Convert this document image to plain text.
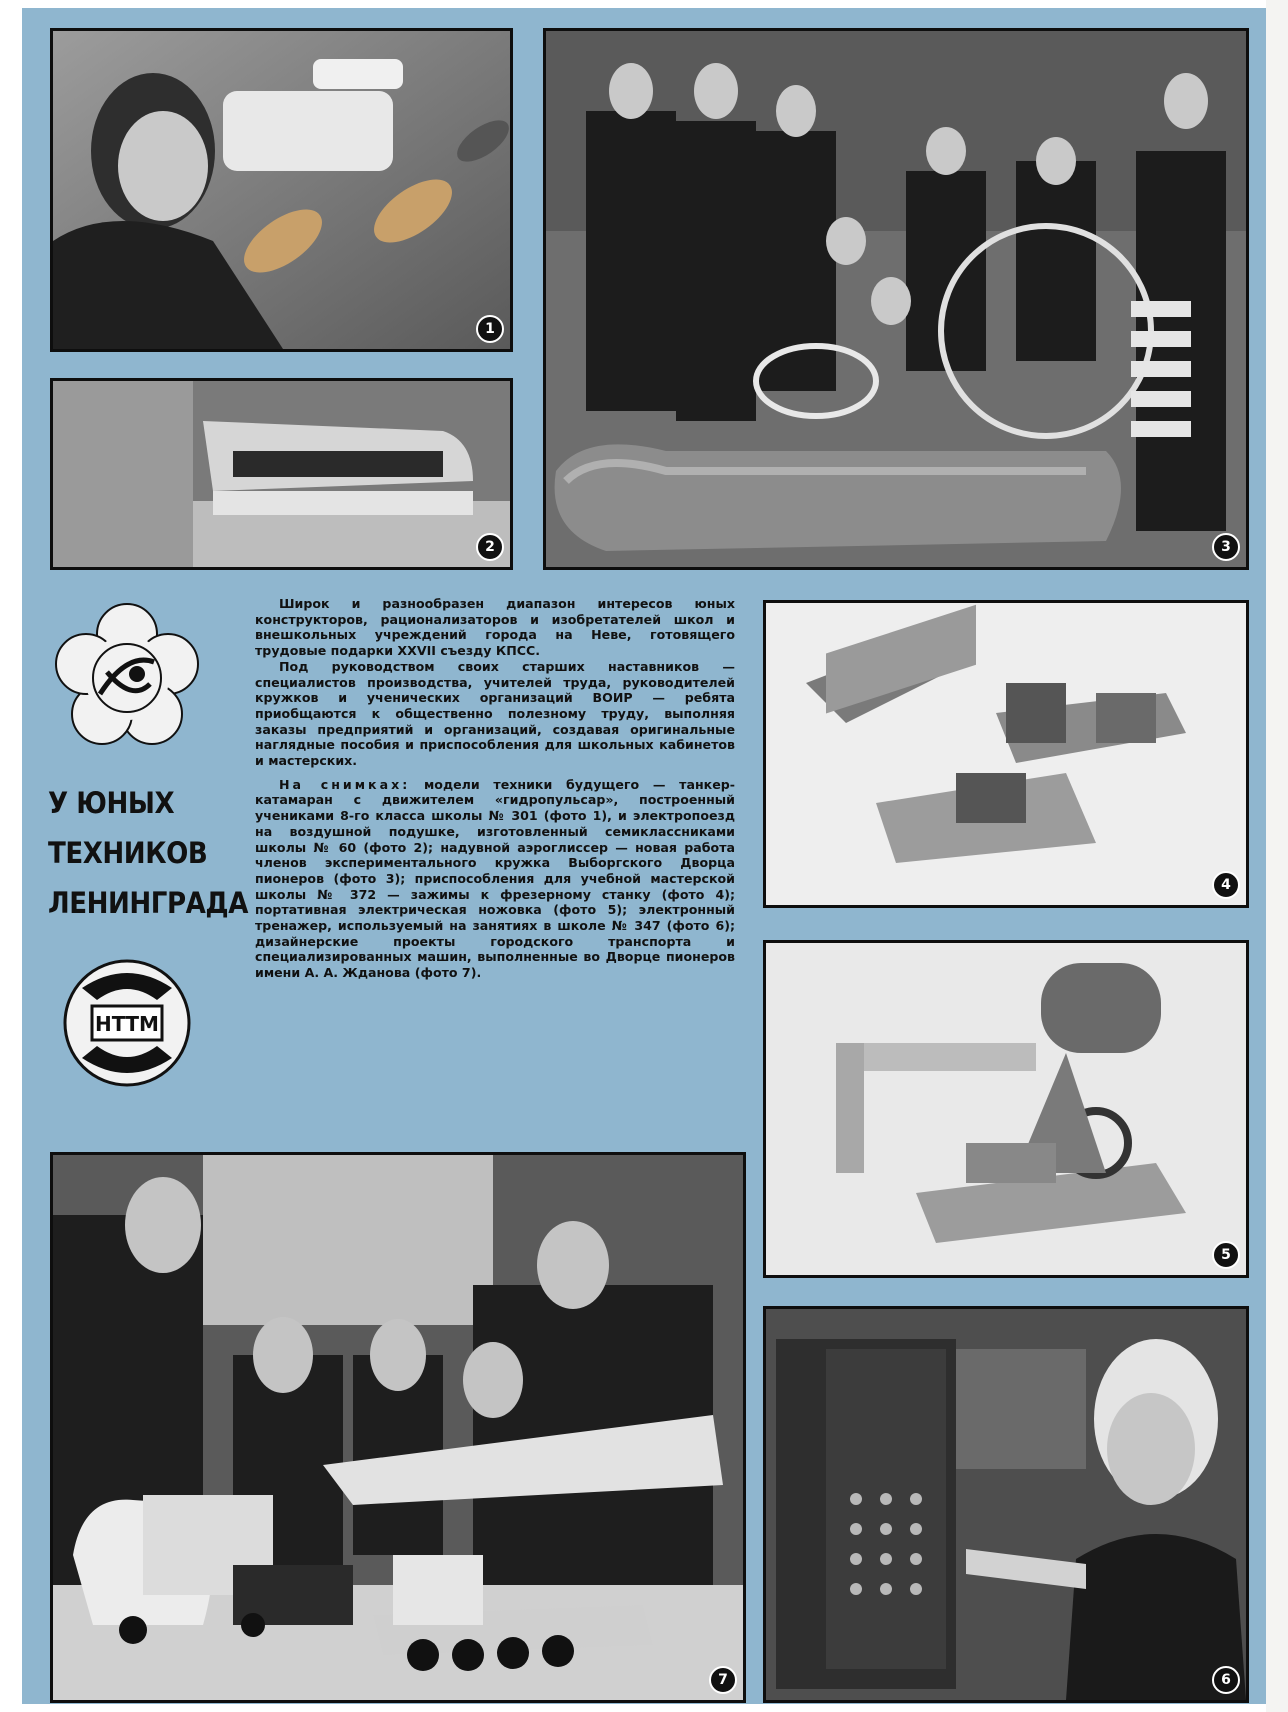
1
2	3
У ЮНЫХ
ТЕХНИКОВ
ЛЕНИНГРАДА
НТТМ

Широк и разнообразен диапазон интересов юных конструкторов, рационализаторов и изобретателей школ и внешкольных учреждений города на Неве, готовящего трудовые подарки XXVII съезду КПСС.

Под руководством своих старших наставников — специалистов производства, учителей труда, руководителей кружков и ученических организаций ВОИР — ребята приобщаются к общественно полезному труду, выполняя заказы предприятий и организаций, создавая оригинальные наглядные пособия и приспособления для школьных кабинетов и мастерских.

На снимках: модели техники будущего — танкер-катамаран с движителем «гидропульсар», построенный учениками 8-го класса школы № 301 (фото 1), и электропоезд на воздушной подушке, изготовленный семиклассниками школы № 60 (фото 2); надувной аэроглиссер — новая работа членов экспериментального кружка Выборгского Дворца пионеров (фото 3); приспособления для учебной мастерской школы № 372 — зажимы к фрезерному станку (фото 4); портативная электрическая ножовка (фото 5); электронный тренажер, используемый на занятиях в школе № 347 (фото 6); дизайнерские проекты городского транспорта и специализированных машин, выполненные во Дворце пионеров имени А. А. Жданова (фото 7).

4
5
7	6
